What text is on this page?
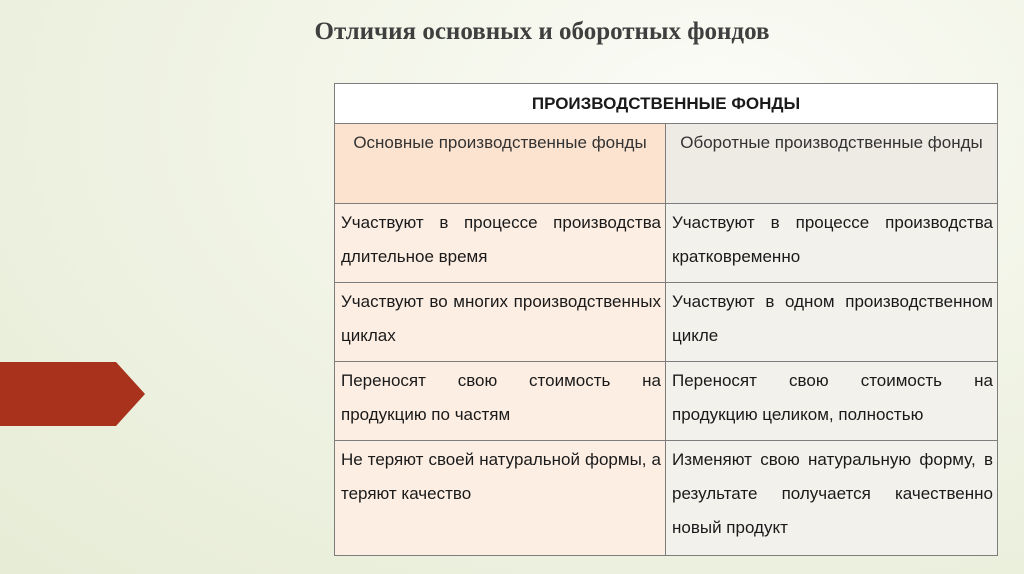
Отличия основных и оборотных фондов
ПРОИЗВОДСТВЕННЫЕ ФОНДЫ	
Основные производственные фонды	Оборотные производственные фонды
Участвуют в процессе производства длительное время	Участвуют в процессе производства кратковременно
Участвуют во многих производственных циклах	Участвуют в одном производственном цикле
Переносят свою стоимость на продукцию по частям	Переносят свою стоимость на продукцию целиком, полностью
Не теряют своей натуральной формы, а теряют качество	Изменяют свою натуральную форму, в результате получается качественно новый продукт
